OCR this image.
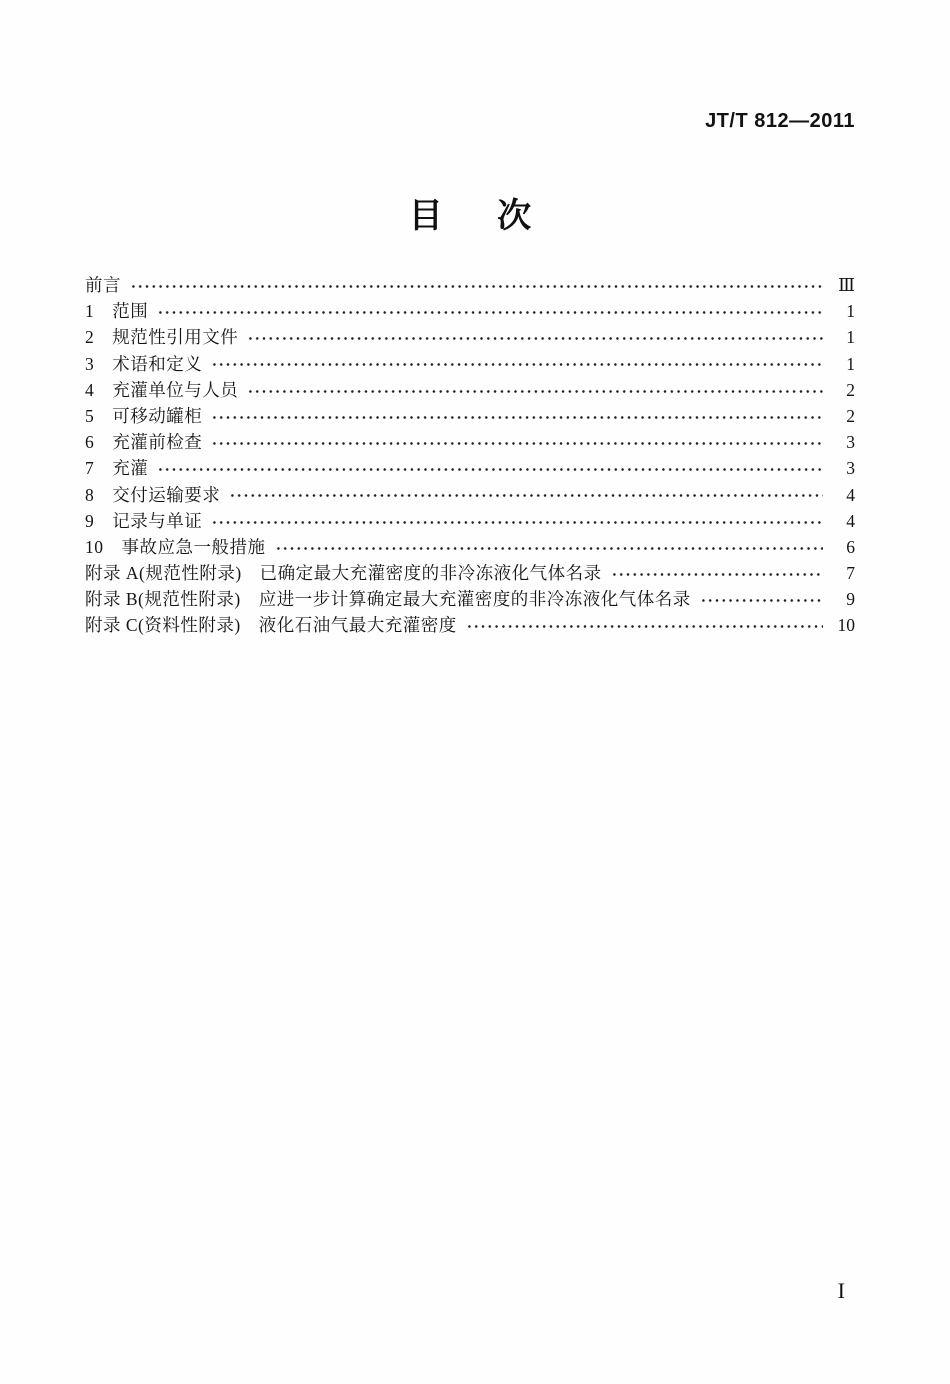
JT/T 812—2011
目　次
前言	Ⅲ
1　范围	1
2　规范性引用文件	1
3　术语和定义	1
4　充灌单位与人员	2
5　可移动罐柜	2
6　充灌前检查	3
7　充灌	3
8　交付运输要求	4
9　记录与单证	4
10　事故应急一般措施	6
附录 A(规范性附录)　已确定最大充灌密度的非冷冻液化气体名录	7
附录 B(规范性附录)　应进一步计算确定最大充灌密度的非冷冻液化气体名录	9
附录 C(资料性附录)　液化石油气最大充灌密度	10
I
